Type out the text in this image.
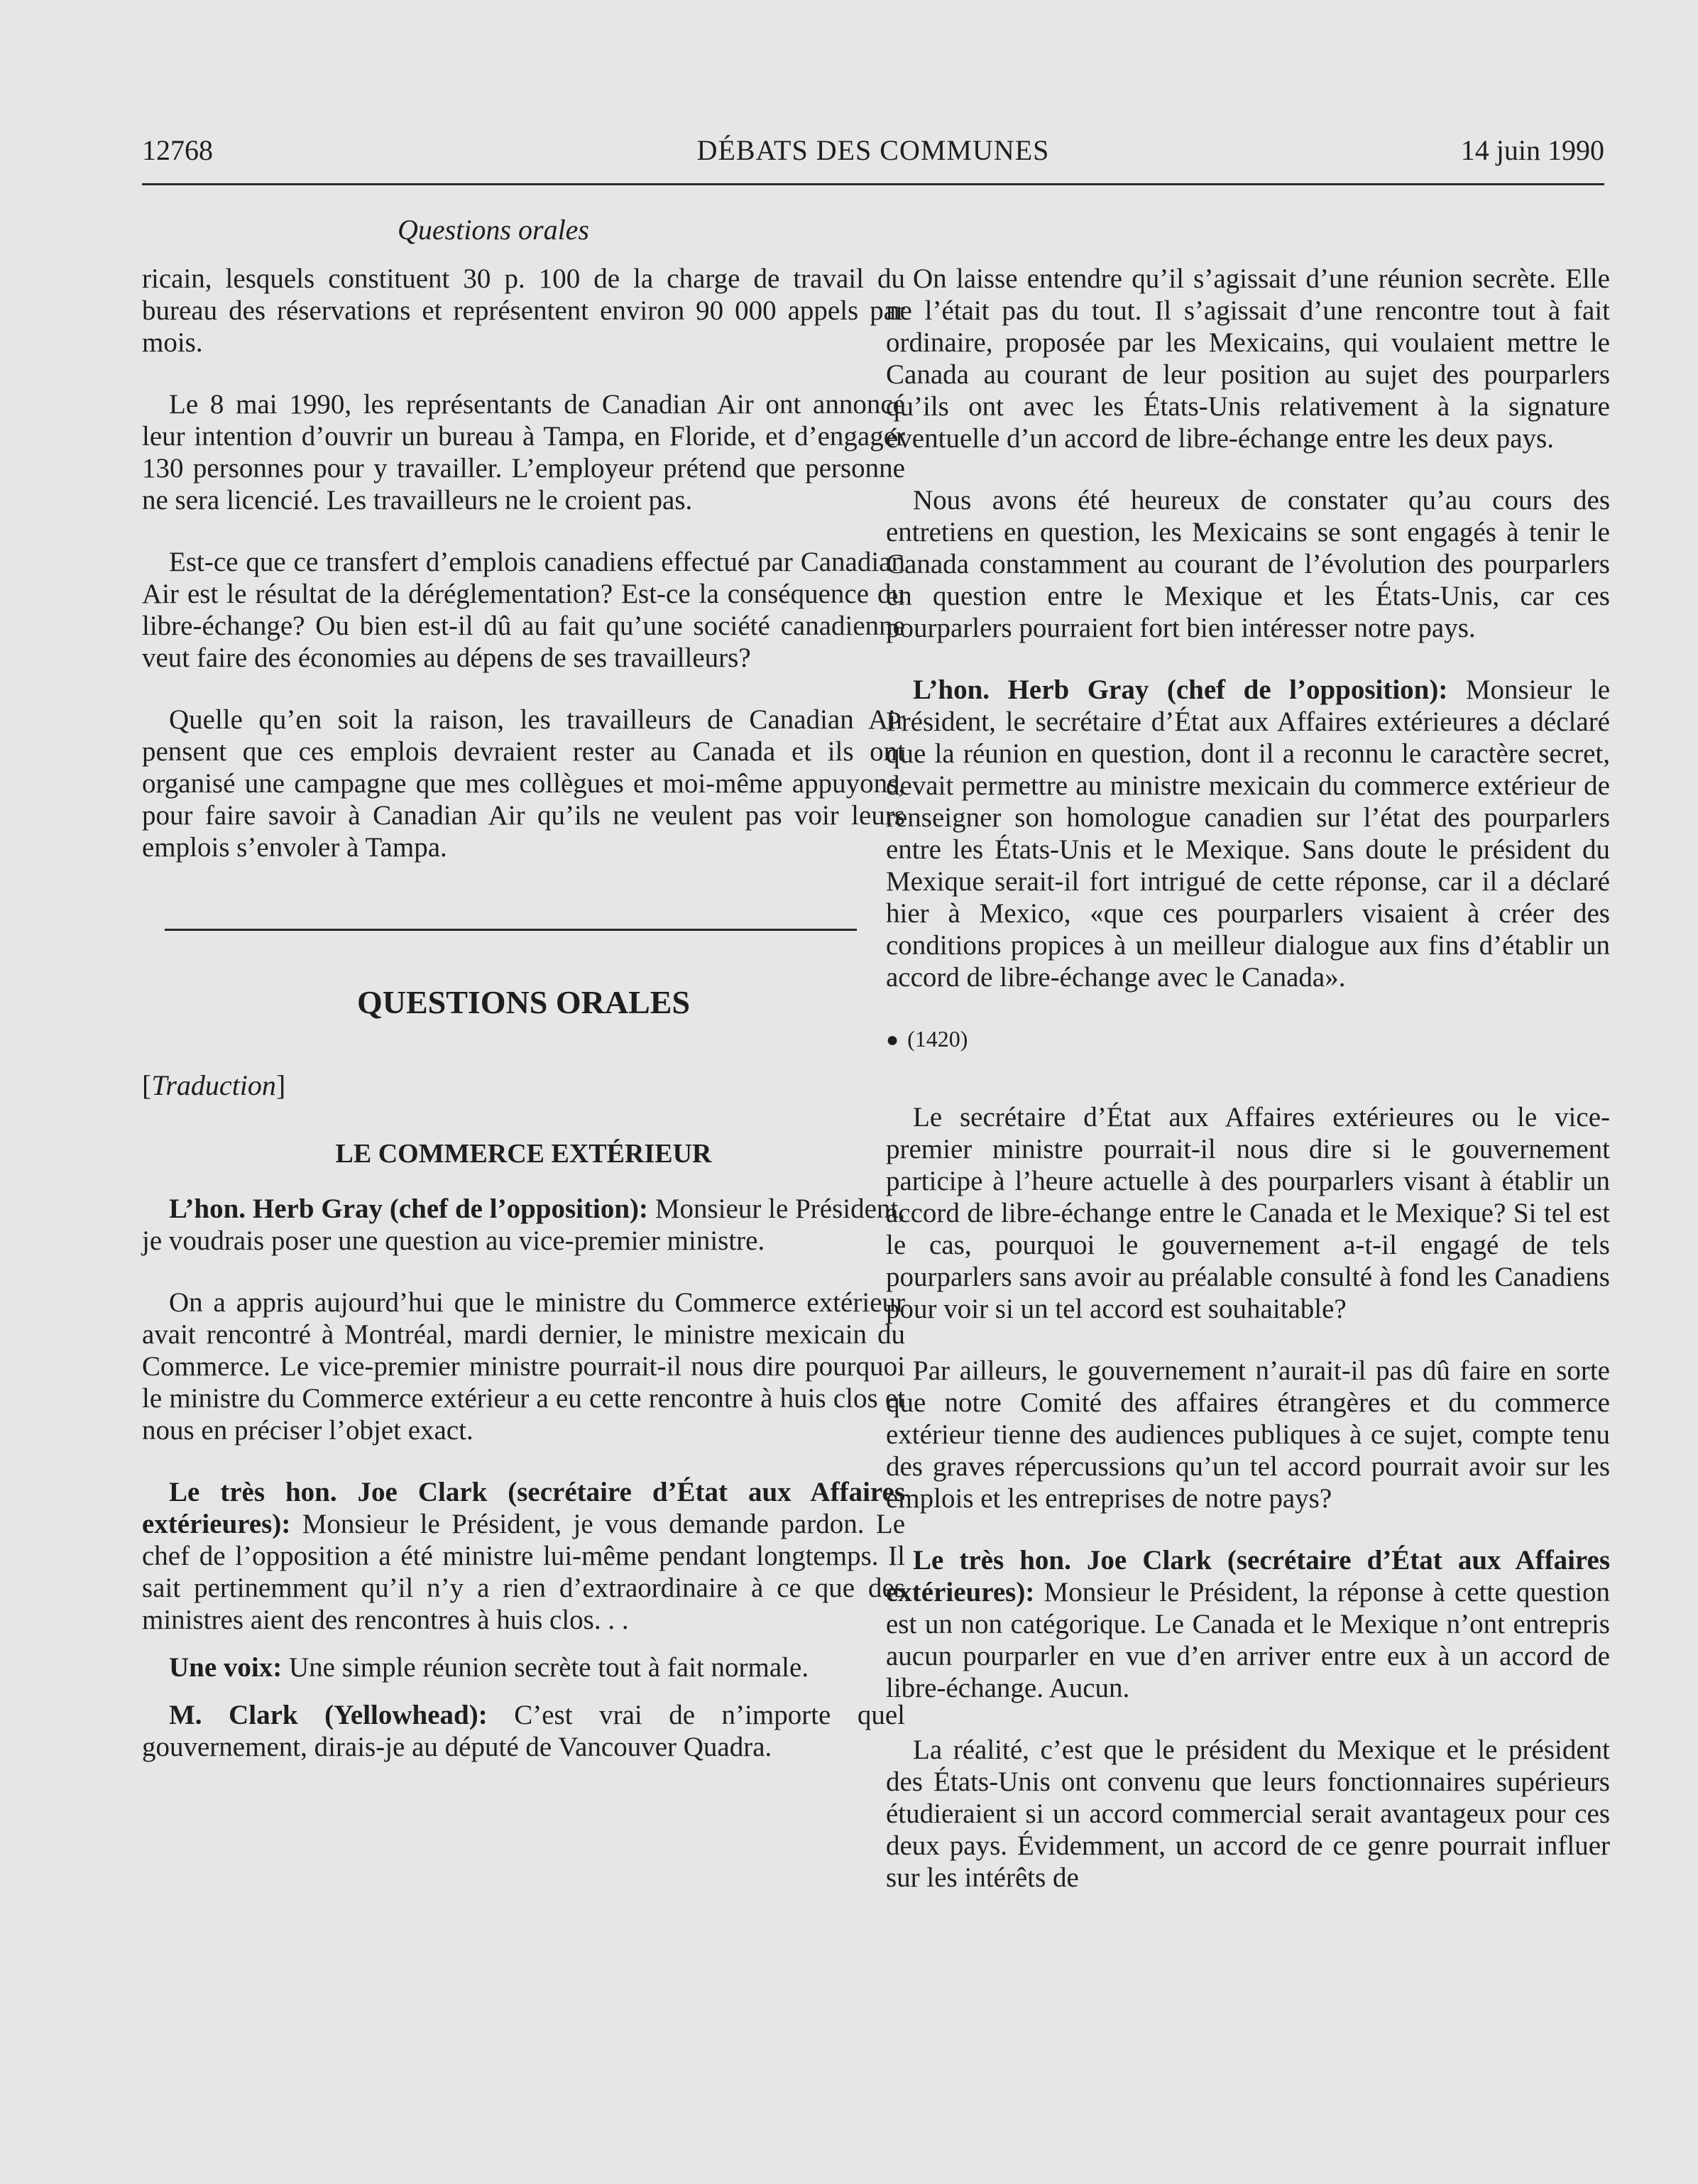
12768	DÉBATS DES COMMUNES	14 juin 1990
Questions orales

ricain, lesquels constituent 30 p. 100 de la charge de travail du bureau des réservations et représentent environ 90 000 appels par mois.

Le 8 mai 1990, les représentants de Canadian Air ont annoncé leur intention d’ouvrir un bureau à Tampa, en Floride, et d’engager 130 personnes pour y travailler. L’employeur prétend que personne ne sera licencié. Les travailleurs ne le croient pas.

Est-ce que ce transfert d’emplois canadiens effectué par Canadian Air est le résultat de la déréglementation? Est-ce la conséquence du libre-échange? Ou bien est-il dû au fait qu’une société canadienne veut faire des économies au dépens de ses travailleurs?

Quelle qu’en soit la raison, les travailleurs de Canadian Air pensent que ces emplois devraient rester au Canada et ils ont organisé une campagne que mes collègues et moi-même appuyons, pour faire savoir à Canadian Air qu’ils ne veulent pas voir leurs emplois s’envoler à Tampa.

QUESTIONS ORALES
[Traduction]
LE COMMERCE EXTÉRIEUR

L’hon. Herb Gray (chef de l’opposition): Monsieur le Président, je voudrais poser une question au vice-premier ministre.

On a appris aujourd’hui que le ministre du Commerce extérieur avait rencontré à Montréal, mardi dernier, le ministre mexicain du Commerce. Le vice-premier ministre pourrait-il nous dire pourquoi le ministre du Commerce extérieur a eu cette rencontre à huis clos et nous en préciser l’objet exact.

Le très hon. Joe Clark (secrétaire d’État aux Affaires extérieures): Monsieur le Président, je vous demande pardon. Le chef de l’opposition a été ministre lui-même pendant longtemps. Il sait pertinemment qu’il n’y a rien d’extraordinaire à ce que des ministres aient des rencontres à huis clos. . .

Une voix: Une simple réunion secrète tout à fait normale.

M. Clark (Yellowhead): C’est vrai de n’importe quel gouvernement, dirais-je au député de Vancouver Quadra.

On laisse entendre qu’il s’agissait d’une réunion secrète. Elle ne l’était pas du tout. Il s’agissait d’une rencontre tout à fait ordinaire, proposée par les Mexicains, qui voulaient mettre le Canada au courant de leur position au sujet des pourparlers qu’ils ont avec les États-Unis relativement à la signature éventuelle d’un accord de libre-échange entre les deux pays.

Nous avons été heureux de constater qu’au cours des entretiens en question, les Mexicains se sont engagés à tenir le Canada constamment au courant de l’évolution des pourparlers en question entre le Mexique et les États-Unis, car ces pourparlers pourraient fort bien intéresser notre pays.

L’hon. Herb Gray (chef de l’opposition): Monsieur le Président, le secrétaire d’État aux Affaires extérieures a déclaré que la réunion en question, dont il a reconnu le caractère secret, devait permettre au ministre mexicain du commerce extérieur de renseigner son homologue canadien sur l’état des pourparlers entre les États-Unis et le Mexique. Sans doute le président du Mexique serait-il fort intrigué de cette réponse, car il a déclaré hier à Mexico, «que ces pourparlers visaient à créer des conditions propices à un meilleur dialogue aux fins d’établir un accord de libre-échange avec le Canada».

● (1420)

Le secrétaire d’État aux Affaires extérieures ou le vice-premier ministre pourrait-il nous dire si le gouvernement participe à l’heure actuelle à des pourparlers visant à établir un accord de libre-échange entre le Canada et le Mexique? Si tel est le cas, pourquoi le gouvernement a-t-il engagé de tels pourparlers sans avoir au préalable consulté à fond les Canadiens pour voir si un tel accord est souhaitable?

Par ailleurs, le gouvernement n’aurait-il pas dû faire en sorte que notre Comité des affaires étrangères et du commerce extérieur tienne des audiences publiques à ce sujet, compte tenu des graves répercussions qu’un tel accord pourrait avoir sur les emplois et les entreprises de notre pays?

Le très hon. Joe Clark (secrétaire d’État aux Affaires extérieures): Monsieur le Président, la réponse à cette question est un non catégorique. Le Canada et le Mexique n’ont entrepris aucun pourparler en vue d’en arriver entre eux à un accord de libre-échange. Aucun.

La réalité, c’est que le président du Mexique et le président des États-Unis ont convenu que leurs fonctionnaires supérieurs étudieraient si un accord commercial serait avantageux pour ces deux pays. Évidemment, un accord de ce genre pourrait influer sur les intérêts de
